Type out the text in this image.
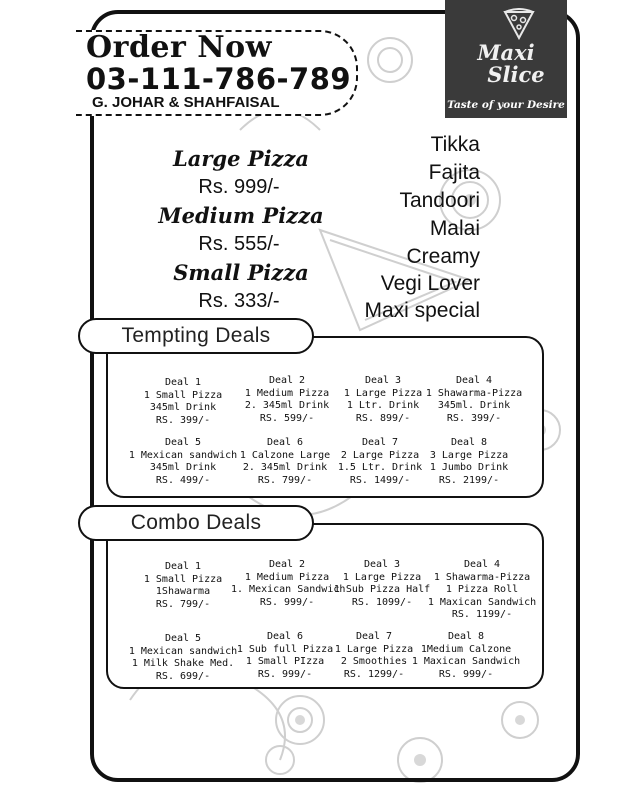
Order Now
03-111-786-789
G. JOHAR & SHAHFAISAL
Maxi
Slice
Taste of your Desire
Large Pizza
Rs. 999/-
Medium Pizza
Rs. 555/-
Small Pizza
Rs. 333/-
Tikka
Fajita
Tandoori
Malai
Creamy
Vegi Lover
Maxi special
Tempting Deals
Deal 1
1 Small Pizza
345ml Drink
RS. 399/-
Deal 2
1 Medium Pizza
2. 345ml Drink
RS. 599/-
Deal 3
1 Large Pizza
1 Ltr. Drink
RS. 899/-
Deal 4
1 Shawarma-Pizza
345ml. Drink
RS. 399/-
Deal 5
1 Mexican sandwich
345ml Drink
RS. 499/-
Deal 6
1 Calzone Large
2. 345ml Drink
RS. 799/-
Deal 7
2 Large Pizza
1.5 Ltr. Drink
RS. 1499/-
Deal 8
3 Large Pizza
1 Jumbo Drink
RS. 2199/-
Combo Deals
Deal 1
1 Small Pizza
1Shawarma
RS. 799/-
Deal 2
1 Medium Pizza
1. Mexican Sandwich
RS. 999/-
Deal 3
1 Large Pizza
1 Sub Pizza Half
RS. 1099/-
Deal 4
1 Shawarma-Pizza
1 Pizza Roll
1 Maxican Sandwich
RS. 1199/-
Deal 5
1 Mexican sandwich
1 Milk Shake Med.
RS. 699/-
Deal 6
1 Sub full Pizza
1 Small PIzza
RS. 999/-
Deal 7
1 Large Pizza
2 Smoothies
RS. 1299/-
Deal 8
1Medium Calzone
1 Maxican Sandwich
RS. 999/-
